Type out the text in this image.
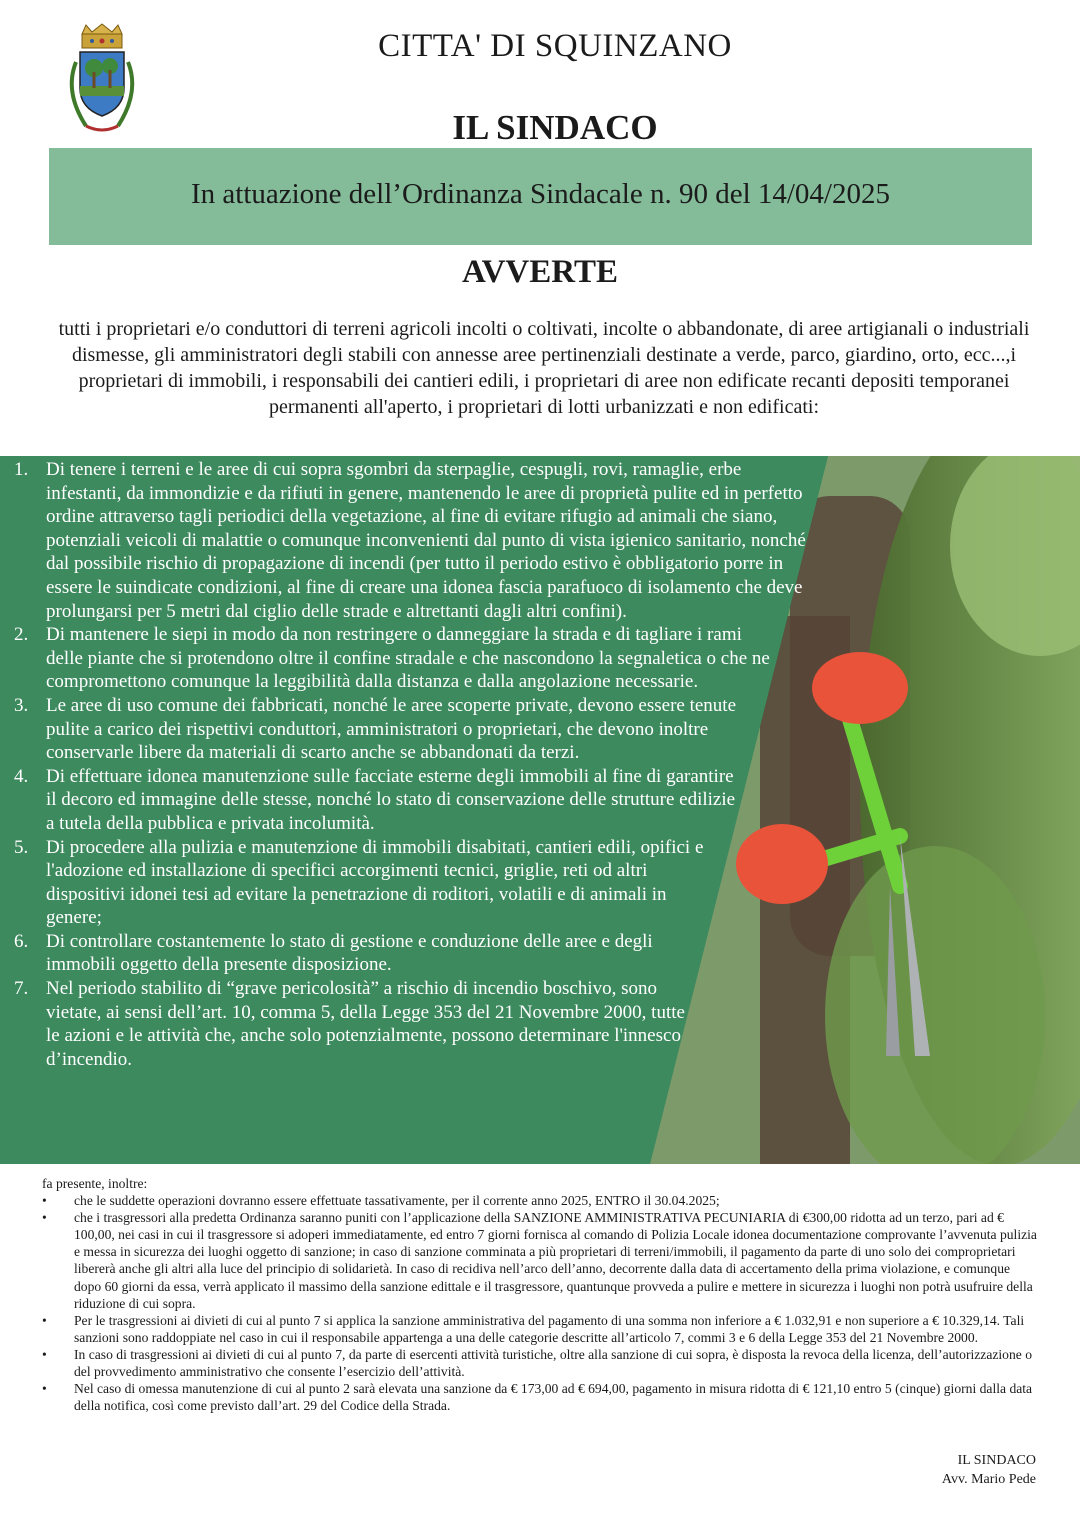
CITTA' DI SQUINZANO
IL SINDACO
In attuazione dell’Ordinanza Sindacale n. 90 del 14/04/2025
AVVERTE
tutti i proprietari e/o conduttori di terreni agricoli incolti o coltivati, incolte o abbandonate, di aree artigianali o industriali dismesse, gli amministratori degli stabili con annesse aree pertinenziali destinate a verde, parco, giardino, orto, ecc...,i proprietari di immobili, i responsabili dei cantieri edili, i proprietari di aree non edificate recanti depositi temporanei permanenti all'aperto, i proprietari di lotti urbanizzati e non edificati:
1. Di tenere i terreni e le aree di cui sopra sgombri da sterpaglie, cespugli, rovi, ramaglie, erbe infestanti, da immondizie e da rifiuti in genere, mantenendo le aree di proprietà pulite ed in perfetto ordine attraverso tagli periodici della vegetazione, al fine di evitare rifugio ad animali che siano, potenziali veicoli di malattie o comunque inconvenienti dal punto di vista igienico sanitario, nonché dal possibile rischio di propagazione di incendi (per tutto il periodo estivo è obbligatorio porre in essere le suindicate condizioni, al fine di creare una idonea fascia parafuoco di isolamento che deve prolungarsi per 5 metri dal ciglio delle strade e altrettanti dagli altri confini).
2. Di mantenere le siepi in modo da non restringere o danneggiare la strada e di tagliare i rami delle piante che si protendono oltre il confine stradale e che nascondono la segnaletica o che ne compromettono comunque la leggibilità dalla distanza e dalla angolazione necessarie.
3. Le aree di uso comune dei fabbricati, nonché le aree scoperte private, devono essere tenute pulite a carico dei rispettivi conduttori, amministratori o proprietari, che devono inoltre conservarle libere da materiali di scarto anche se abbandonati da terzi.
4. Di effettuare idonea manutenzione sulle facciate esterne degli immobili al fine di garantire il decoro ed immagine delle stesse, nonché lo stato di conservazione delle strutture edilizie a tutela della pubblica e privata incolumità.
5. Di procedere alla pulizia e manutenzione di immobili disabitati, cantieri edili, opifici e l'adozione ed installazione di specifici accorgimenti tecnici, griglie, reti od altri dispositivi idonei tesi ad evitare la penetrazione di roditori, volatili e di animali in genere;
6. Di controllare costantemente lo stato di gestione e conduzione delle aree e degli immobili oggetto della presente disposizione.
7. Nel periodo stabilito di “grave pericolosità” a rischio di incendio boschivo, sono vietate, ai sensi dell’art. 10, comma 5, della Legge 353 del 21 Novembre 2000, tutte le azioni e le attività che, anche solo potenzialmente, possono determinare l'innesco d’incendio.
fa presente, inoltre:
• che le suddette operazioni dovranno essere effettuate tassativamente, per il corrente anno 2025, ENTRO il 30.04.2025;
• che i trasgressori alla predetta Ordinanza saranno puniti con l’applicazione della SANZIONE AMMINISTRATIVA PECUNIARIA di €300,00 ridotta ad un terzo, pari ad € 100,00, nei casi in cui il trasgressore si adoperi immediatamente, ed entro 7 giorni fornisca al comando di Polizia Locale idonea documentazione comprovante l’avvenuta pulizia e messa in sicurezza dei luoghi oggetto di sanzione; in caso di sanzione comminata a più proprietari di terreni/immobili, il pagamento da parte di uno solo dei comproprietari libererà anche gli altri alla luce del principio di solidarietà. In caso di recidiva nell’arco dell’anno, decorrente dalla data di accertamento della prima violazione, e comunque dopo 60 giorni da essa, verrà applicato il massimo della sanzione edittale e il trasgressore, quantunque provveda a pulire e mettere in sicurezza i luoghi non potrà usufruire della riduzione di cui sopra.
• Per le trasgressioni ai divieti di cui al punto 7 si applica la sanzione amministrativa del pagamento di una somma non inferiore a € 1.032,91 e non superiore a € 10.329,14. Tali sanzioni sono raddoppiate nel caso in cui il responsabile appartenga a una delle categorie descritte all’articolo 7, commi 3 e 6 della Legge 353 del 21 Novembre 2000.
• In caso di trasgressioni ai divieti di cui al punto 7, da parte di esercenti attività turistiche, oltre alla sanzione di cui sopra, è disposta la revoca della licenza, dell’autorizzazione o del provvedimento amministrativo che consente l’esercizio dell’attività.
• Nel caso di omessa manutenzione di cui al punto 2 sarà elevata una sanzione da € 173,00 ad € 694,00, pagamento in misura ridotta di € 121,10 entro 5 (cinque) giorni dalla data della notifica, così come previsto dall’art. 29 del Codice della Strada.
IL SINDACO
Avv. Mario Pede
